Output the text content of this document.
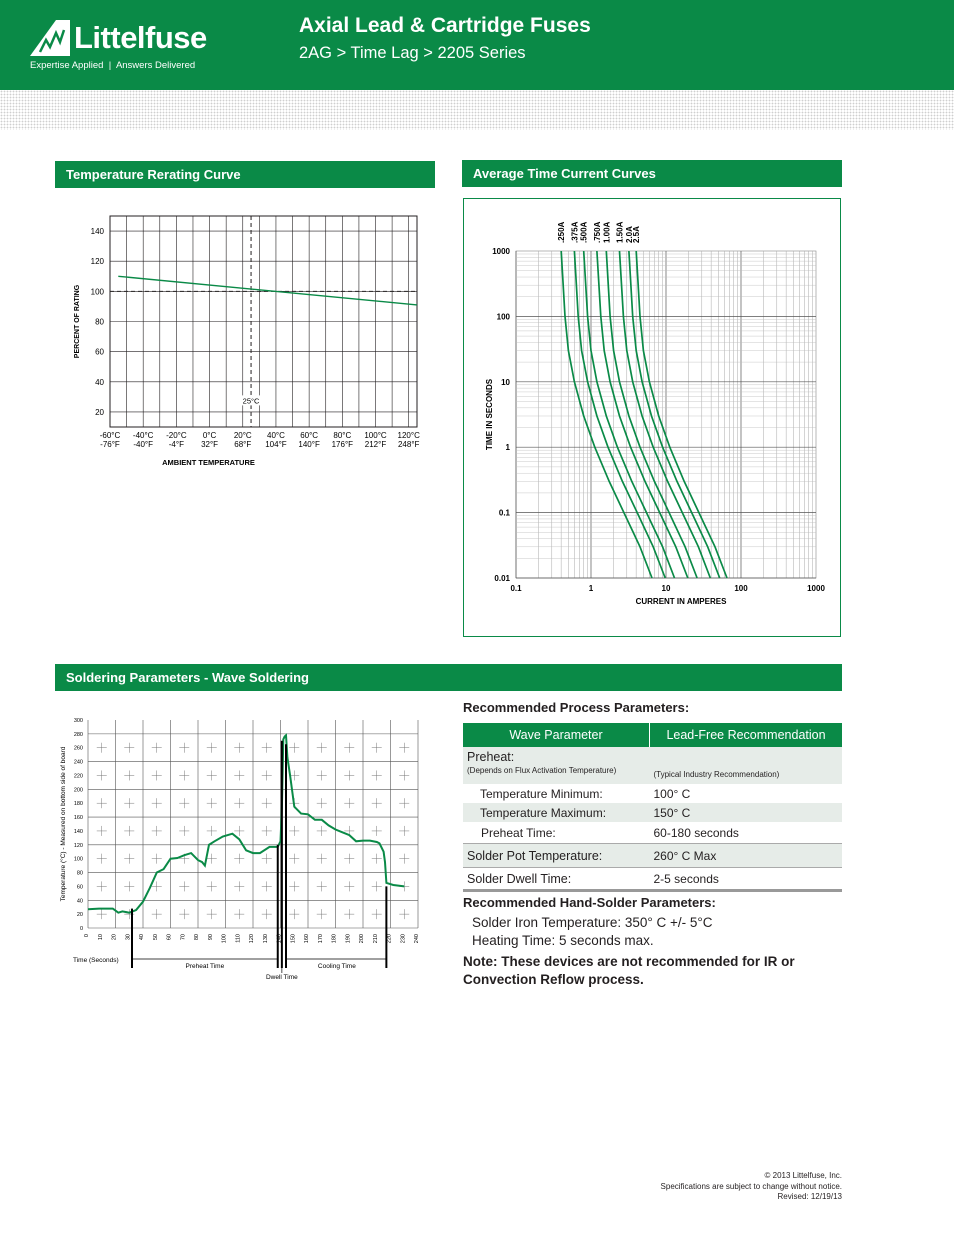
Littelfuse
Expertise Applied  |  Answers Delivered
Axial Lead & Cartridge Fuses
2AG > Time Lag > 2205 Series
Temperature Rerating Curve	Average Time Current Curves
Soldering Parameters - Wave Soldering
20
40
60
80
100
120
140
25°C
-60°C
-76°F
-40°C
-40°F
-20°C
-4°F
0°C
32°F
20°C
68°F
40°C
104°F
60°C
140°F
80°C
176°F
100°C
212°F
120°C
248°F
AMBIENT TEMPERATURE
PERCENT OF RATING
0.1	1	10	100	1000
0.01
0.1
1
10
100
1000
CURRENT IN AMPERES
TIME IN SECONDS
.250A .375A .500A .750A 1.00A 1.50A 2.0A
2.5A
0
20
40
60
80
100
120
140
160
180
200
220
240
260
280
300
0 10 20 30 40 50 60 70 80 90 100 110 120 130 140 150 160 170 180 190 200 210 220 230 240
Temperature (°C) - Measured on bottom side of board
Time (Seconds)
Preheat Time	Cooling Time
Dwell Time
Recommended Process Parameters:
Wave Parameter	Lead-Free Recommendation

Preheat:
(Depends on Flux Activation Temperature)	(Typical Industry Recommendation)
Temperature Minimum:	100° C
Temperature Maximum:	150° C
Preheat Time:	60-180 seconds
Solder Pot Temperature:	260° C Max
Solder Dwell Time:	2-5 seconds
Recommended Hand-Solder Parameters:
Solder Iron Temperature: 350° C +/- 5°C
Heating Time: 5 seconds max.
Note: These devices are not recommended for IR or Convection Reflow process.
© 2013 Littelfuse, Inc.
Specifications are subject to change without notice.
Revised: 12/19/13
